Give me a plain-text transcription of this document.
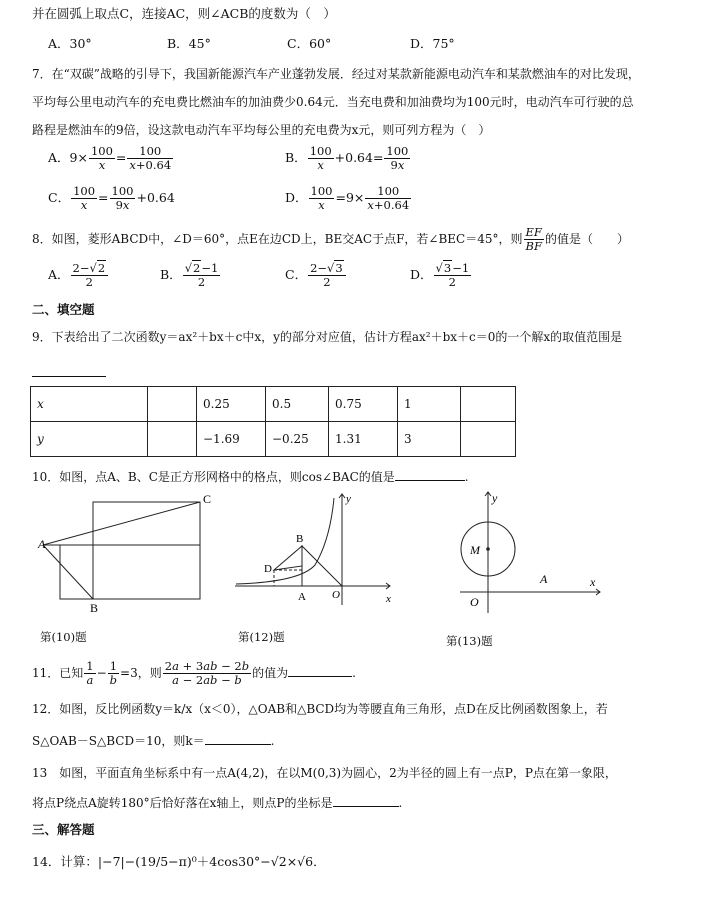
并在圆弧上取点C，连接AC，则∠ACB的度数为（　）
A．30°	B．45°	C．60°	D．75°
7．在“双碳”战略的引导下，我国新能源汽车产业蓬勃发展．经过对某款新能源电动汽车和某款燃油车的对比发现，
平均每公里电动汽车的充电费比燃油车的加油费少0.64元．当充电费和加油费均为100元时，电动汽车可行驶的总
路程是燃油车的9倍，设这款电动汽车平均每公里的充电费为x元，则可列方程为（　）
A．$9\times \frac{100}{x} = \frac{100}{x+0.64}$	B． $\frac{100}{x} +0.64= \frac{100}{9x}$
C． $\frac{100}{x} = \frac{100}{9x} +0.64$	D． $\frac{100}{x} =9\times \frac{100}{x+0.64}$
8．如图，菱形ABCD中，∠D＝60°，点E在边CD上，BE交AC于点F，若∠BEC＝45°，则 $\frac{EF}{BF}$ 的值是（　　）
A． $\frac{2-√2}{2}$	B． $\frac{√2-1}{2}$	C． $\frac{2-√3}{2}$	D． $\frac{√3-1}{2}$
二、填空题
9．下表给出了二次函数y＝ax²＋bx＋c中x，y的部分对应值，估计方程ax²＋bx＋c＝0的一个解x的取值范围是
x		0.25	0.5	0.75	1	
y		−1.69	−0.25	1.31	3	
10．如图，点A、B、C是正方形网格中的格点，则cos∠BAC的值是	.
A
B
C
B
D
A O	x
y
M
A
O
x
y
第(10)题	第(12)题	第(13)题
11．已知 $\frac{1}{a} - \frac{1}{b} =3$，则 $\frac{2a + 3ab - 2b}{a - 2ab - b}$ 的值为	.
12．如图，反比例函数y＝k/x（x＜0），△OAB和△BCD均为等腰直角三角形，点D在反比例函数图象上，若
S△OAB－S△BCD＝10，则k＝	.
13　如图，平面直角坐标系中有一点A(4,2)，在以M(0,3)为圆心，2为半径的圆上有一点P，P点在第一象限，
将点P绕点A旋转180°后恰好落在x轴上，则点P的坐标是	.
三、解答题
14．计算：|−7|−(19/5−π)⁰＋4cos30°−√2×√6．
